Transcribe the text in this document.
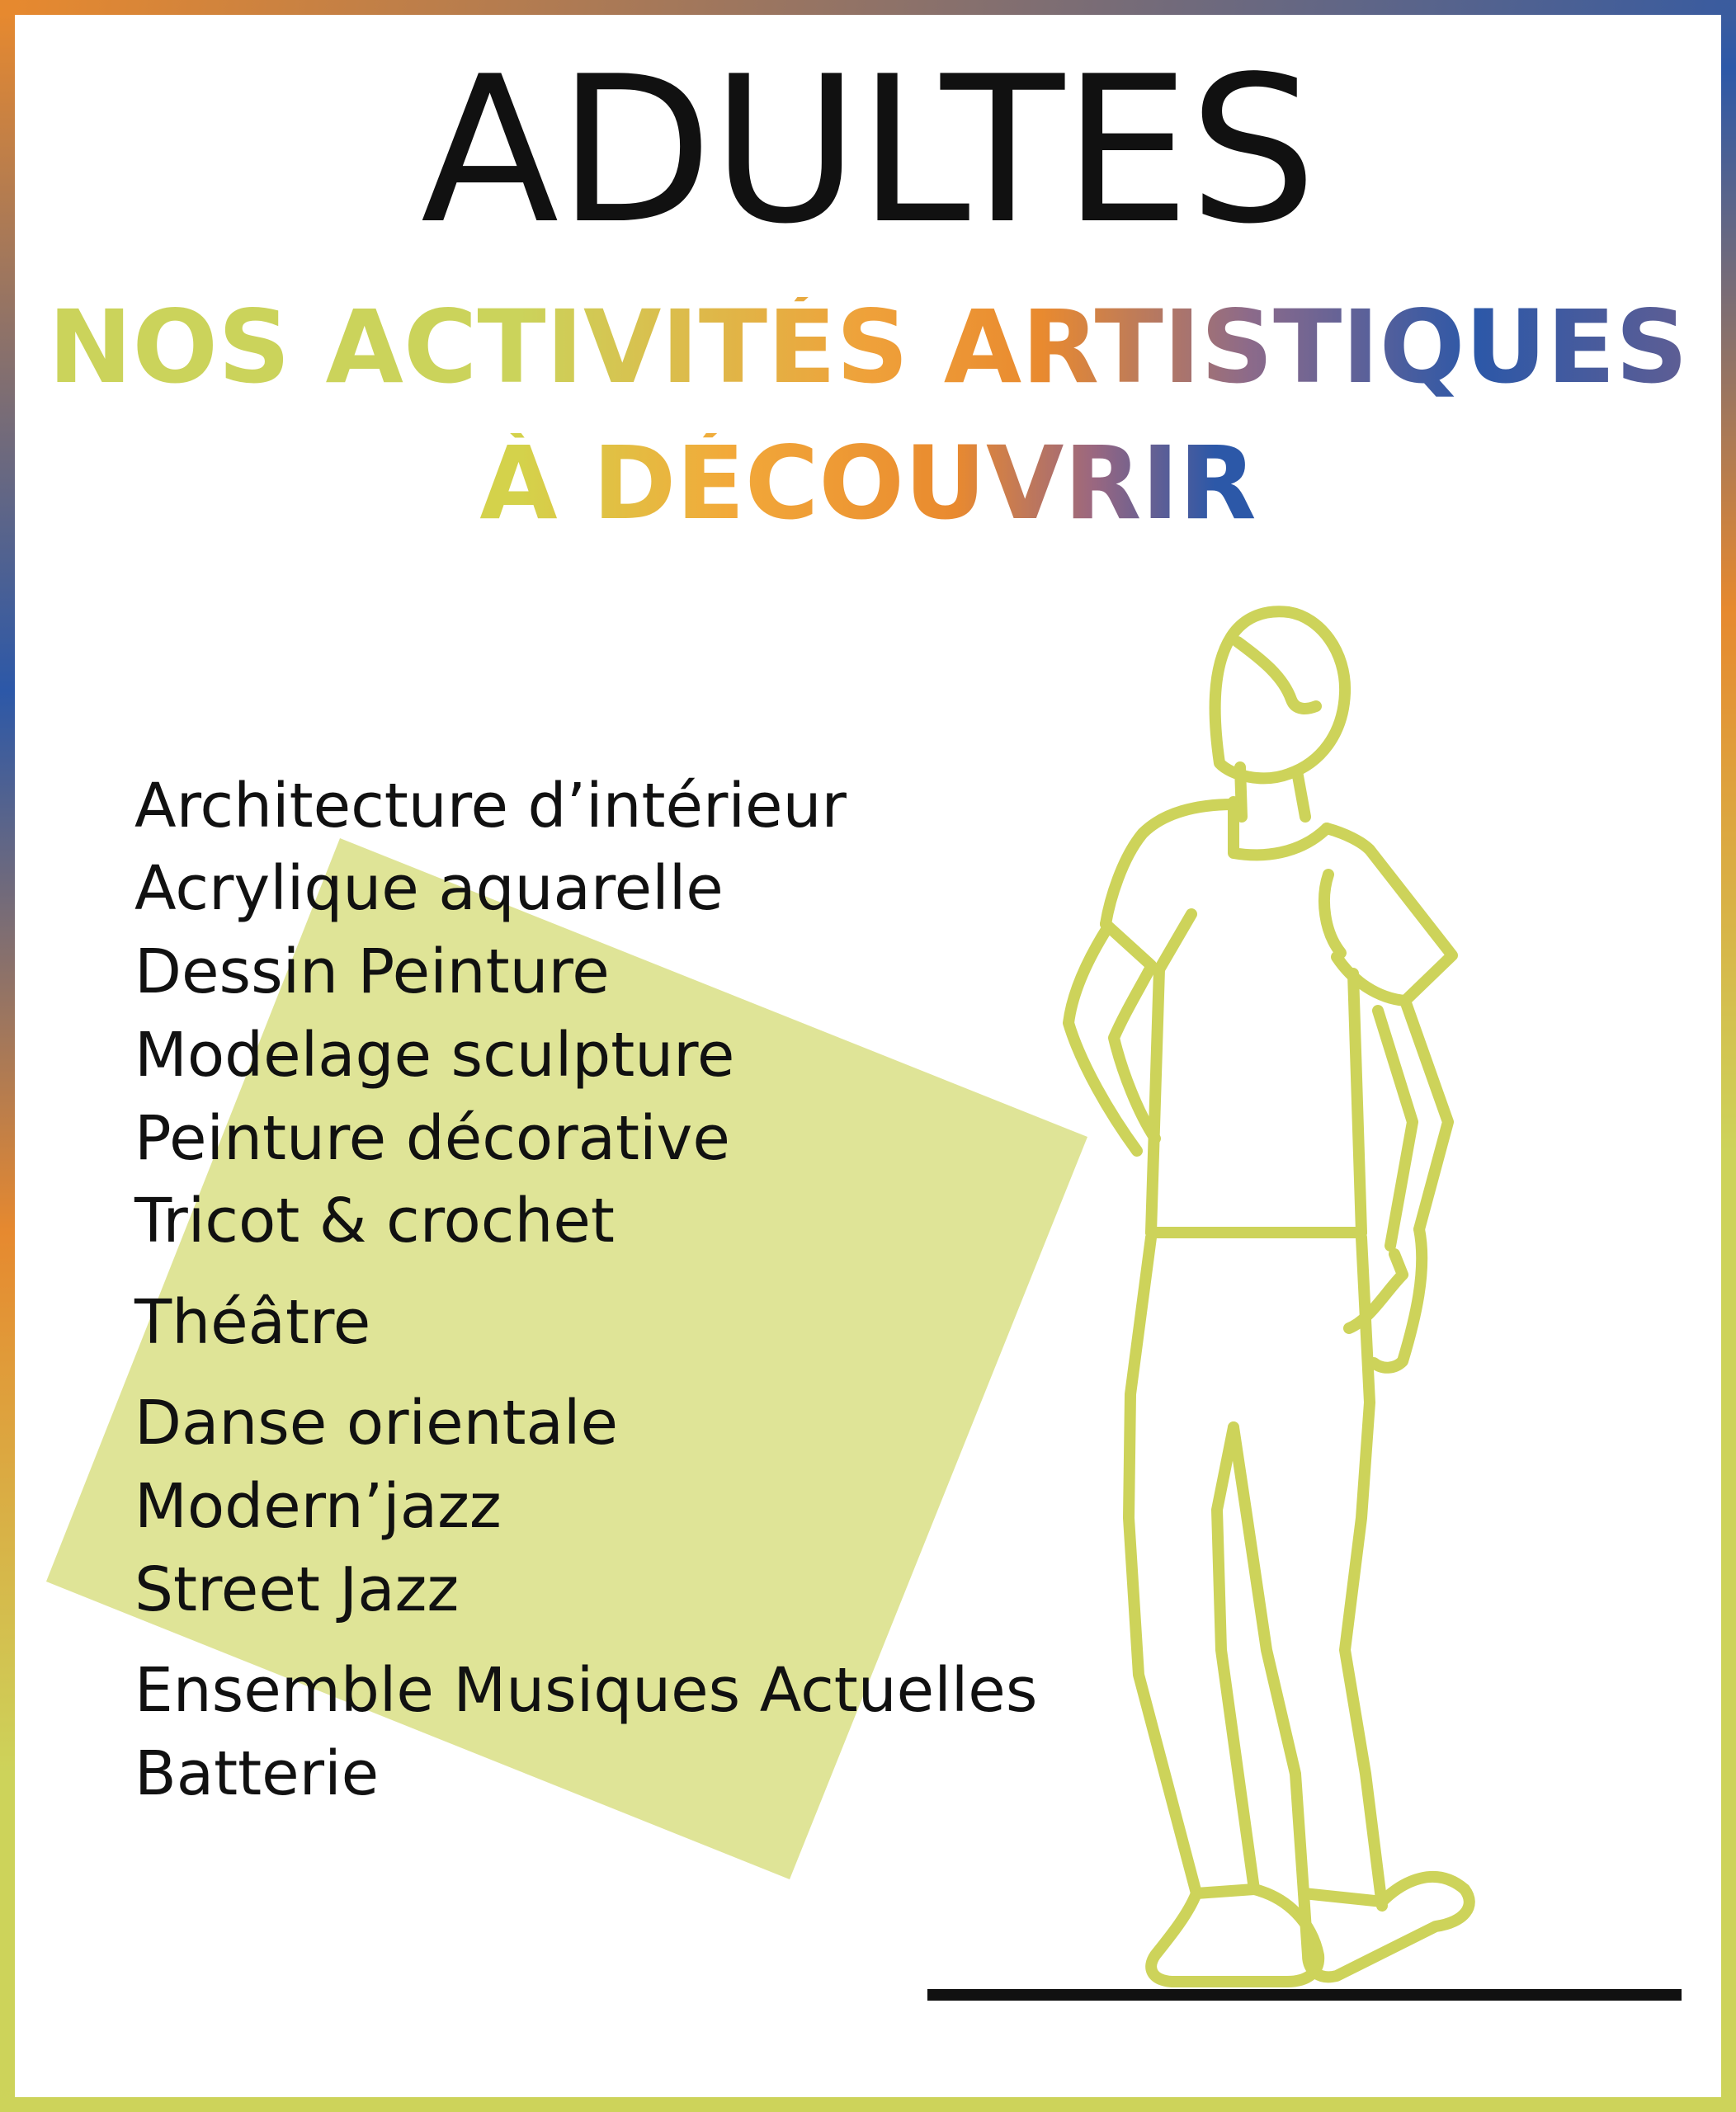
ADULTES
NOS ACTIVITÉS ARTISTIQUES
À DÉCOUVRIR
Architecture d’intérieur
Acrylique aquarelle
Dessin Peinture
Modelage sculpture
Peinture décorative
Tricot & crochet
Théâtre
Danse orientale
Modern’jazz
Street Jazz
Ensemble Musiques Actuelles
Batterie
